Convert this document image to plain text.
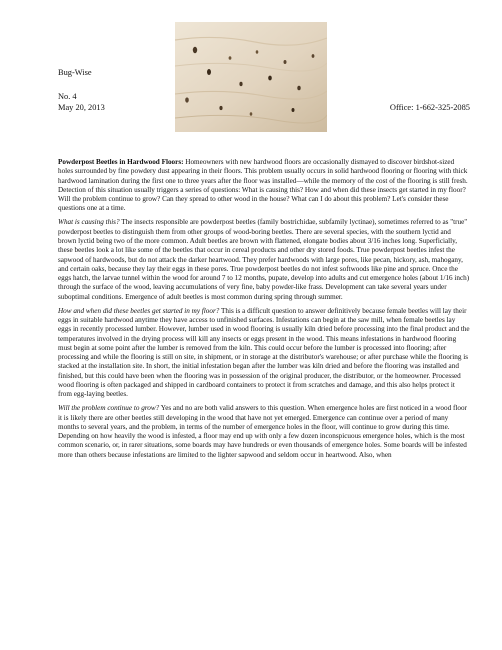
Bug-Wise
No. 4
May 20, 2013	Office: 1-662-325-2085

Powderpost Beetles in Hardwood Floors: Homeowners with new hardwood floors are occasionally dismayed to discover birdshot-sized holes surrounded by fine powdery dust appearing in their floors. This problem usually occurs in solid hardwood flooring or flooring with thick hardwood lamination during the first one to three years after the floor was installed—while the memory of the cost of the flooring is still fresh. Detection of this situation usually triggers a series of questions: What is causing this? How and when did these insects get started in my floor? Will the problem continue to grow? Can they spread to other wood in the house? What can I do about this problem? Let's consider these questions one at a time.

What is causing this? The insects responsible are powderpost beetles (family bostrichidae, subfamily lyctinae), sometimes referred to as "true" powderpost beetles to distinguish them from other groups of wood-boring beetles. There are several species, with the southern lyctid and brown lyctid being two of the more common. Adult beetles are brown with flattened, elongate bodies about 3/16 inches long. Superficially, these beetles look a lot like some of the beetles that occur in cereal products and other dry stored foods. True powderpost beetles infest the sapwood of hardwoods, but do not attack the darker heartwood. They prefer hardwoods with large pores, like pecan, hickory, ash, mahogany, and certain oaks, because they lay their eggs in these pores. True powderpost beetles do not infest softwoods like pine and spruce. Once the eggs hatch, the larvae tunnel within the wood for around 7 to 12 months, pupate, develop into adults and cut emergence holes (about 1/16 inch) through the surface of the wood, leaving accumulations of very fine, baby powder-like frass. Development can take several years under suboptimal conditions. Emergence of adult beetles is most common during spring through summer.

How and when did these beetles get started in my floor? This is a difficult question to answer definitively because female beetles will lay their eggs in suitable hardwood anytime they have access to unfinished surfaces. Infestations can begin at the saw mill, when female beetles lay eggs in recently processed lumber. However, lumber used in wood flooring is usually kiln dried before processing into the final product and the temperatures involved in the drying process will kill any insects or eggs present in the wood. This means infestations in hardwood flooring must begin at some point after the lumber is removed from the kiln. This could occur before the lumber is processed into flooring; after processing and while the flooring is still on site, in shipment, or in storage at the distributor's warehouse; or after purchase while the flooring is stacked at the installation site. In short, the initial infestation began after the lumber was kiln dried and before the flooring was installed and finished, but this could have been when the flooring was in possession of the original producer, the distributor, or the homeowner. Processed wood flooring is often packaged and shipped in cardboard containers to protect it from scratches and damage, and this also helps protect it from egg-laying beetles.

Will the problem continue to grow? Yes and no are both valid answers to this question. When emergence holes are first noticed in a wood floor it is likely there are other beetles still developing in the wood that have not yet emerged. Emergence can continue over a period of many months to several years, and the problem, in terms of the number of emergence holes in the floor, will continue to grow during this time. Depending on how heavily the wood is infested, a floor may end up with only a few dozen inconspicuous emergence holes, which is the most common scenario, or, in rarer situations, some boards may have hundreds or even thousands of emergence holes. Some boards will be infested more than others because infestations are limited to the lighter sapwood and seldom occur in heartwood. Also, when
